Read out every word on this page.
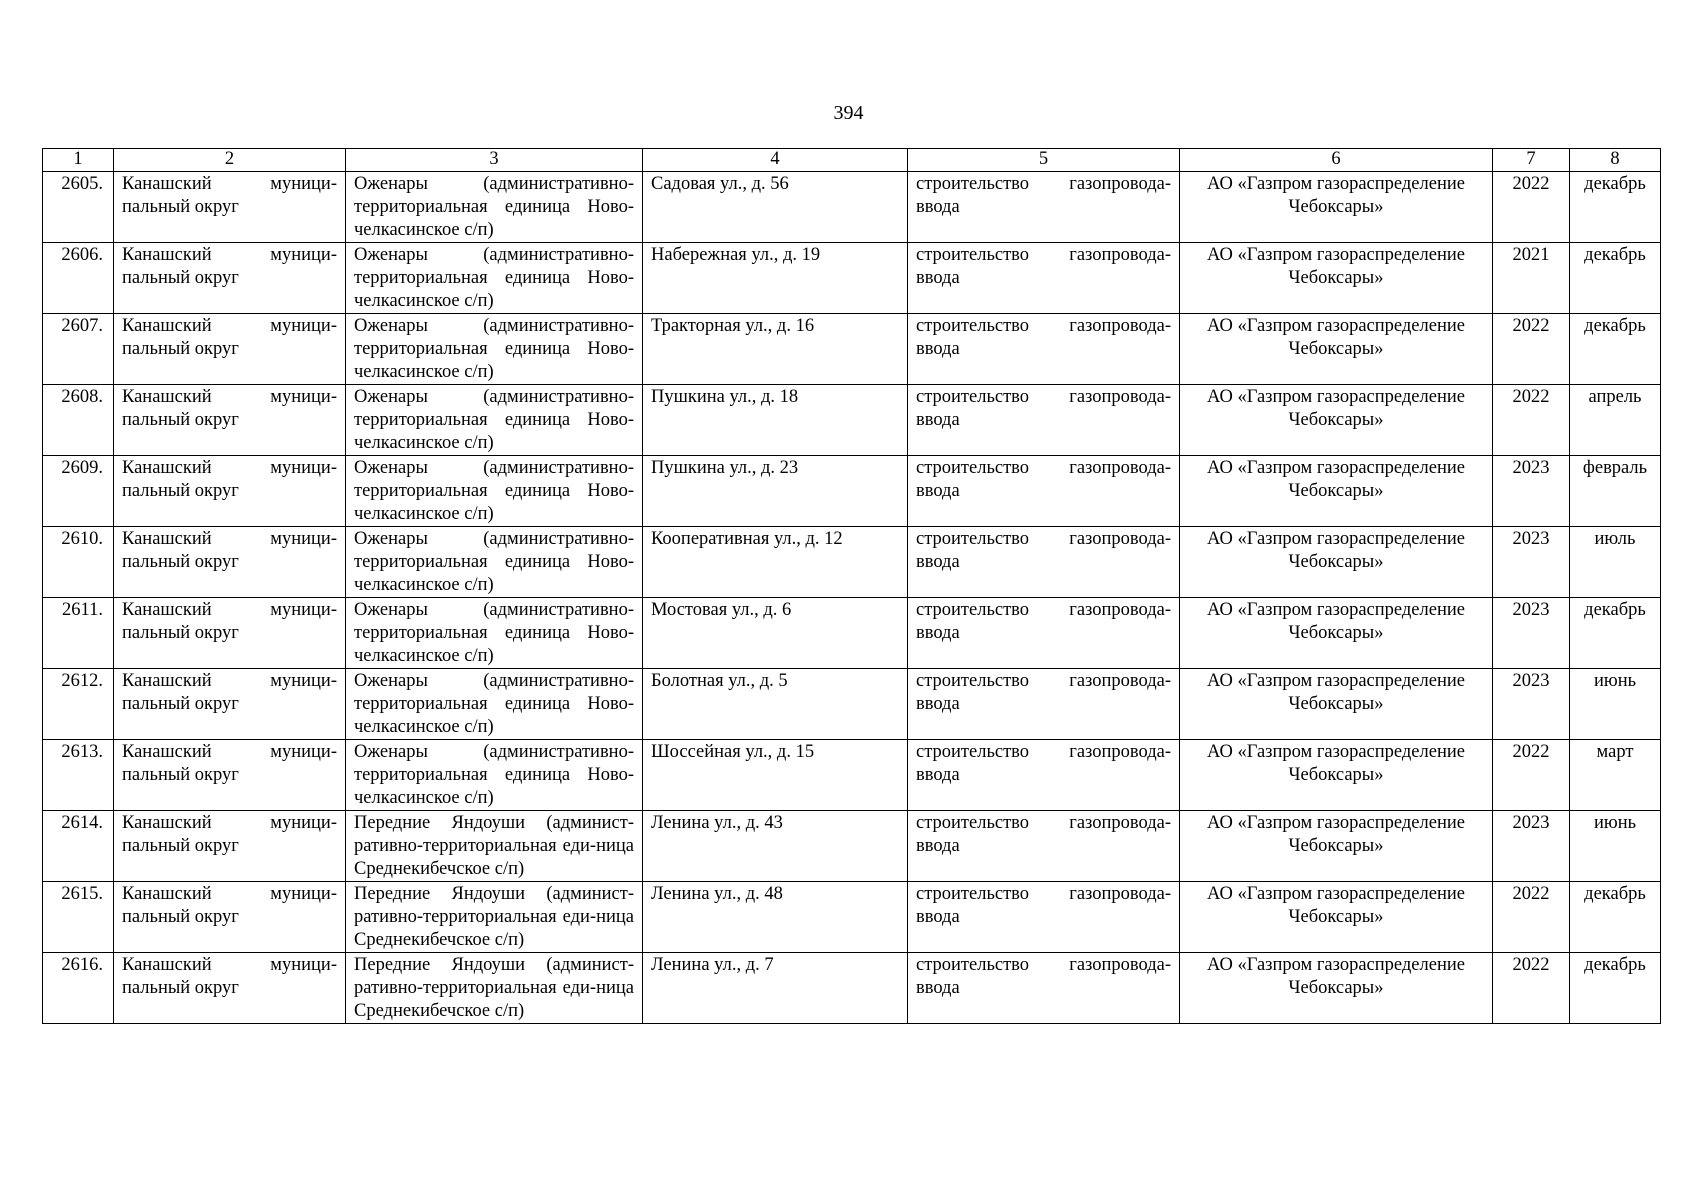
394
1	2	3	4	5	6	7	8
2605.	Канашский муници-пальный округ	Оженары (административно-территориальная единица Ново-челкасинское с/п)	Садовая ул., д. 56	строительство газопровода-ввода	АО «Газпром газораспределение Чебоксары»	2022	декабрь
2606.	Канашский муници-пальный округ	Оженары (административно-территориальная единица Ново-челкасинское с/п)	Набережная ул., д. 19	строительство газопровода-ввода	АО «Газпром газораспределение Чебоксары»	2021	декабрь
2607.	Канашский муници-пальный округ	Оженары (административно-территориальная единица Ново-челкасинское с/п)	Тракторная ул., д. 16	строительство газопровода-ввода	АО «Газпром газораспределение Чебоксары»	2022	декабрь
2608.	Канашский муници-пальный округ	Оженары (административно-территориальная единица Ново-челкасинское с/п)	Пушкина ул., д. 18	строительство газопровода-ввода	АО «Газпром газораспределение Чебоксары»	2022	апрель
2609.	Канашский муници-пальный округ	Оженары (административно-территориальная единица Ново-челкасинское с/п)	Пушкина ул., д. 23	строительство газопровода-ввода	АО «Газпром газораспределение Чебоксары»	2023	февраль
2610.	Канашский муници-пальный округ	Оженары (административно-территориальная единица Ново-челкасинское с/п)	Кооперативная ул., д. 12	строительство газопровода-ввода	АО «Газпром газораспределение Чебоксары»	2023	июль
2611.	Канашский муници-пальный округ	Оженары (административно-территориальная единица Ново-челкасинское с/п)	Мостовая ул., д. 6	строительство газопровода-ввода	АО «Газпром газораспределение Чебоксары»	2023	декабрь
2612.	Канашский муници-пальный округ	Оженары (административно-территориальная единица Ново-челкасинское с/п)	Болотная ул., д. 5	строительство газопровода-ввода	АО «Газпром газораспределение Чебоксары»	2023	июнь
2613.	Канашский муници-пальный округ	Оженары (административно-территориальная единица Ново-челкасинское с/п)	Шоссейная ул., д. 15	строительство газопровода-ввода	АО «Газпром газораспределение Чебоксары»	2022	март
2614.	Канашский муници-пальный округ	Передние Яндоуши (админист-ративно-территориальная еди-ница Среднекибечское с/п)	Ленина ул., д. 43	строительство газопровода-ввода	АО «Газпром газораспределение Чебоксары»	2023	июнь
2615.	Канашский муници-пальный округ	Передние Яндоуши (админист-ративно-территориальная еди-ница Среднекибечское с/п)	Ленина ул., д. 48	строительство газопровода-ввода	АО «Газпром газораспределение Чебоксары»	2022	декабрь
2616.	Канашский муници-пальный округ	Передние Яндоуши (админист-ративно-территориальная еди-ница Среднекибечское с/п)	Ленина ул., д. 7	строительство газопровода-ввода	АО «Газпром газораспределение Чебоксары»	2022	декабрь
